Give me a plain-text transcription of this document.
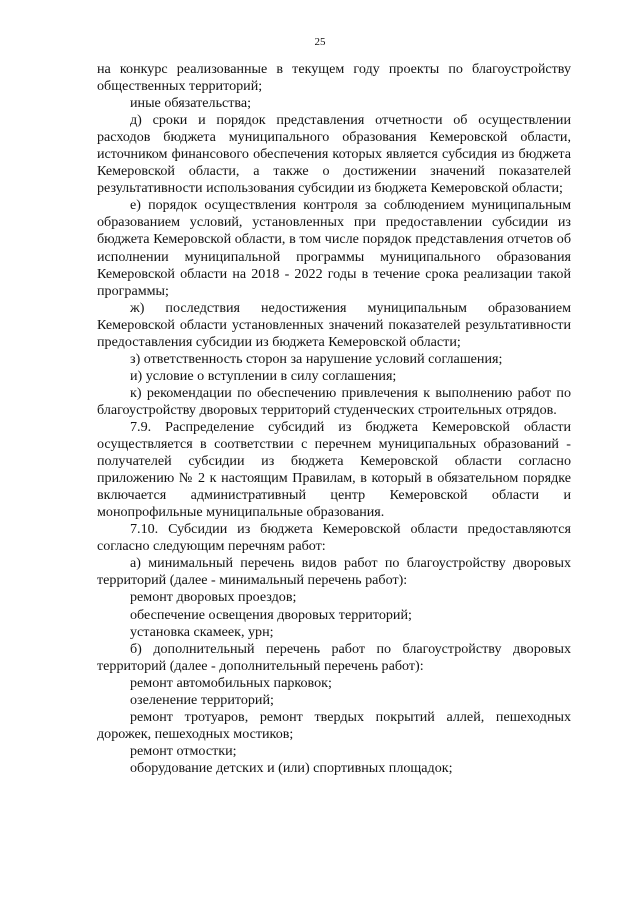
25

на конкурс реализованные в текущем году проекты по благоустройству общественных территорий;

иные обязательства;

д) сроки и порядок представления отчетности об осуществлении расходов бюджета муниципального образования Кемеровской области, источником финансового обеспечения которых является субсидия из бюджета Кемеровской области, а также о достижении значений показателей результативности использования субсидии из бюджета Кемеровской области;

е) порядок осуществления контроля за соблюдением муниципальным образованием условий, установленных при предоставлении субсидии из бюджета Кемеровской области, в том числе порядок представления отчетов об исполнении муниципальной программы муниципального образования Кемеровской области на 2018 - 2022 годы в течение срока реализации такой программы;

ж) последствия недостижения муниципальным образованием Кемеровской области установленных значений показателей результативности предоставления субсидии из бюджета Кемеровской области;

з) ответственность сторон за нарушение условий соглашения;

и) условие о вступлении в силу соглашения;

к) рекомендации по обеспечению привлечения к выполнению работ по благоустройству дворовых территорий студенческих строительных отрядов.

7.9. Распределение субсидий из бюджета Кемеровской области осуществляется в соответствии с перечнем муниципальных образований - получателей субсидии из бюджета Кемеровской области согласно приложению № 2 к настоящим Правилам, в который в обязательном порядке включается административный центр Кемеровской области и монопрофильные муниципальные образования.

7.10. Субсидии из бюджета Кемеровской области предоставляются согласно следующим перечням работ:

а) минимальный перечень видов работ по благоустройству дворовых территорий (далее - минимальный перечень работ):

ремонт дворовых проездов;

обеспечение освещения дворовых территорий;

установка скамеек, урн;

б) дополнительный перечень работ по благоустройству дворовых территорий (далее - дополнительный перечень работ):

ремонт автомобильных парковок;

озеленение территорий;

ремонт тротуаров, ремонт твердых покрытий аллей, пешеходных дорожек, пешеходных мостиков;

ремонт отмостки;

оборудование детских и (или) спортивных площадок;
